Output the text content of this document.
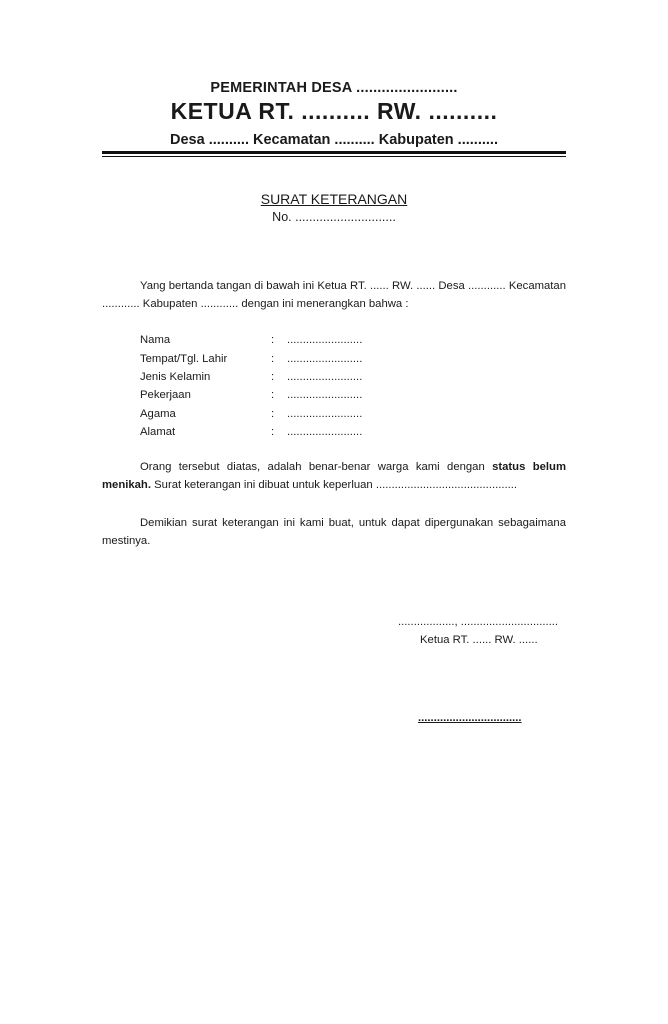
PEMERINTAH DESA ........................
KETUA RT. .......... RW. ..........
Desa .......... Kecamatan .......... Kabupaten ..........
SURAT KETERANGAN
No. .............................
Yang bertanda tangan di bawah ini Ketua RT. ...... RW. ...... Desa ............ Kecamatan ............ Kabupaten ............ dengan ini menerangkan bahwa :
Nama	:	........................
Tempat/Tgl. Lahir	:	........................
Jenis Kelamin	:	........................
Pekerjaan	:	........................
Agama	:	........................
Alamat	:	........................
Orang tersebut diatas, adalah benar-benar warga kami dengan status belum menikah. Surat keterangan ini dibuat untuk keperluan .............................................
Demikian surat keterangan ini kami buat, untuk dapat dipergunakan sebagaimana mestinya.
.................., ...............................
Ketua RT. ...... RW. ......
.................................
